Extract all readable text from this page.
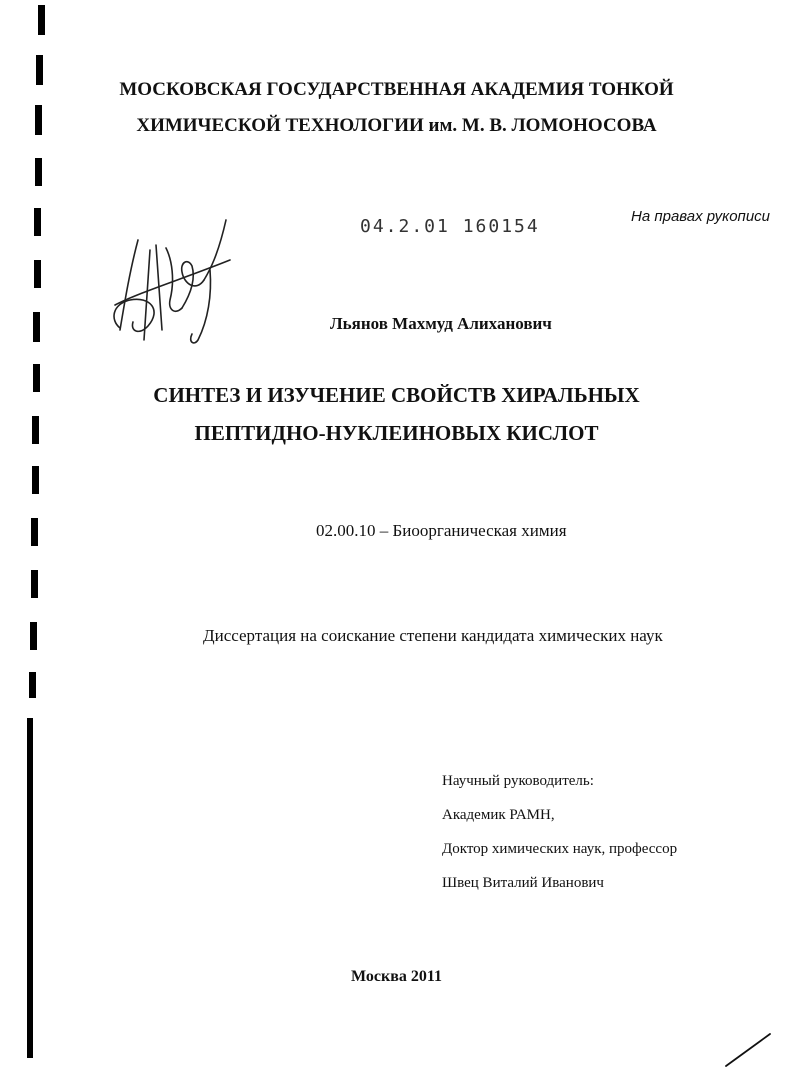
МОСКОВСКАЯ ГОСУДАРСТВЕННАЯ АКАДЕМИЯ ТОНКОЙ
ХИМИЧЕСКОЙ ТЕХНОЛОГИИ им. М. В. ЛОМОНОСОВА
04.2.01 160154	На правах рукописи
Льянов Махмуд Алиханович
СИНТЕЗ И ИЗУЧЕНИЕ СВОЙСТВ ХИРАЛЬНЫХ
ПЕПТИДНО-НУКЛЕИНОВЫХ КИСЛОТ
02.00.10 – Биоорганическая химия
Диссертация на соискание степени кандидата химических наук
Научный руководитель:
Академик РАМН,
Доктор химических наук, профессор
Швец Виталий Иванович
Москва 2011
